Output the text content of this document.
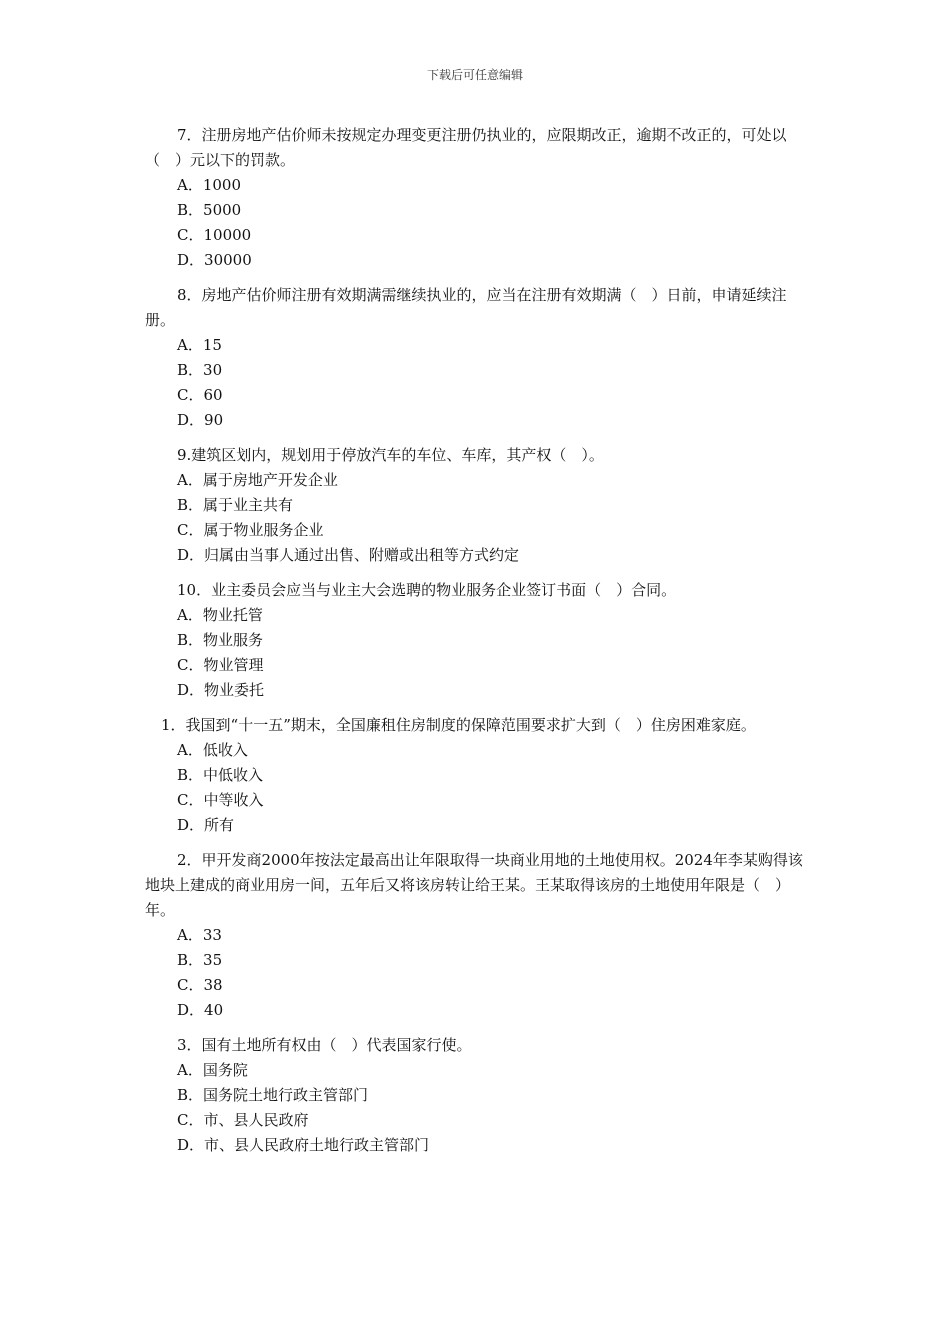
下载后可任意编辑

7．注册房地产估价师未按规定办理变更注册仍执业的，应限期改正，逾期不改正的，可处以（　）元以下的罚款。

A．1000

B．5000

C．10000

D．30000

8．房地产估价师注册有效期满需继续执业的，应当在注册有效期满（　）日前，申请延续注册。

A．15

B．30

C．60

D．90

9.建筑区划内，规划用于停放汽车的车位、车库，其产权（　）。

A．属于房地产开发企业

B．属于业主共有

C．属于物业服务企业

D．归属由当事人通过出售、附赠或出租等方式约定

10．业主委员会应当与业主大会选聘的物业服务企业签订书面（　）合同。

A．物业托管

B．物业服务

C．物业管理

D．物业委托

1．我国到“十一五”期末，全国廉租住房制度的保障范围要求扩大到（　）住房困难家庭。

A．低收入

B．中低收入

C．中等收入

D．所有

2．甲开发商2000年按法定最高出让年限取得一块商业用地的土地使用权。2024年李某购得该地块上建成的商业用房一间，五年后又将该房转让给王某。王某取得该房的土地使用年限是（　）年。

A．33

B．35

C．38

D．40

3．国有土地所有权由（　）代表国家行使。

A．国务院

B．国务院土地行政主管部门

C．市、县人民政府

D．市、县人民政府土地行政主管部门
